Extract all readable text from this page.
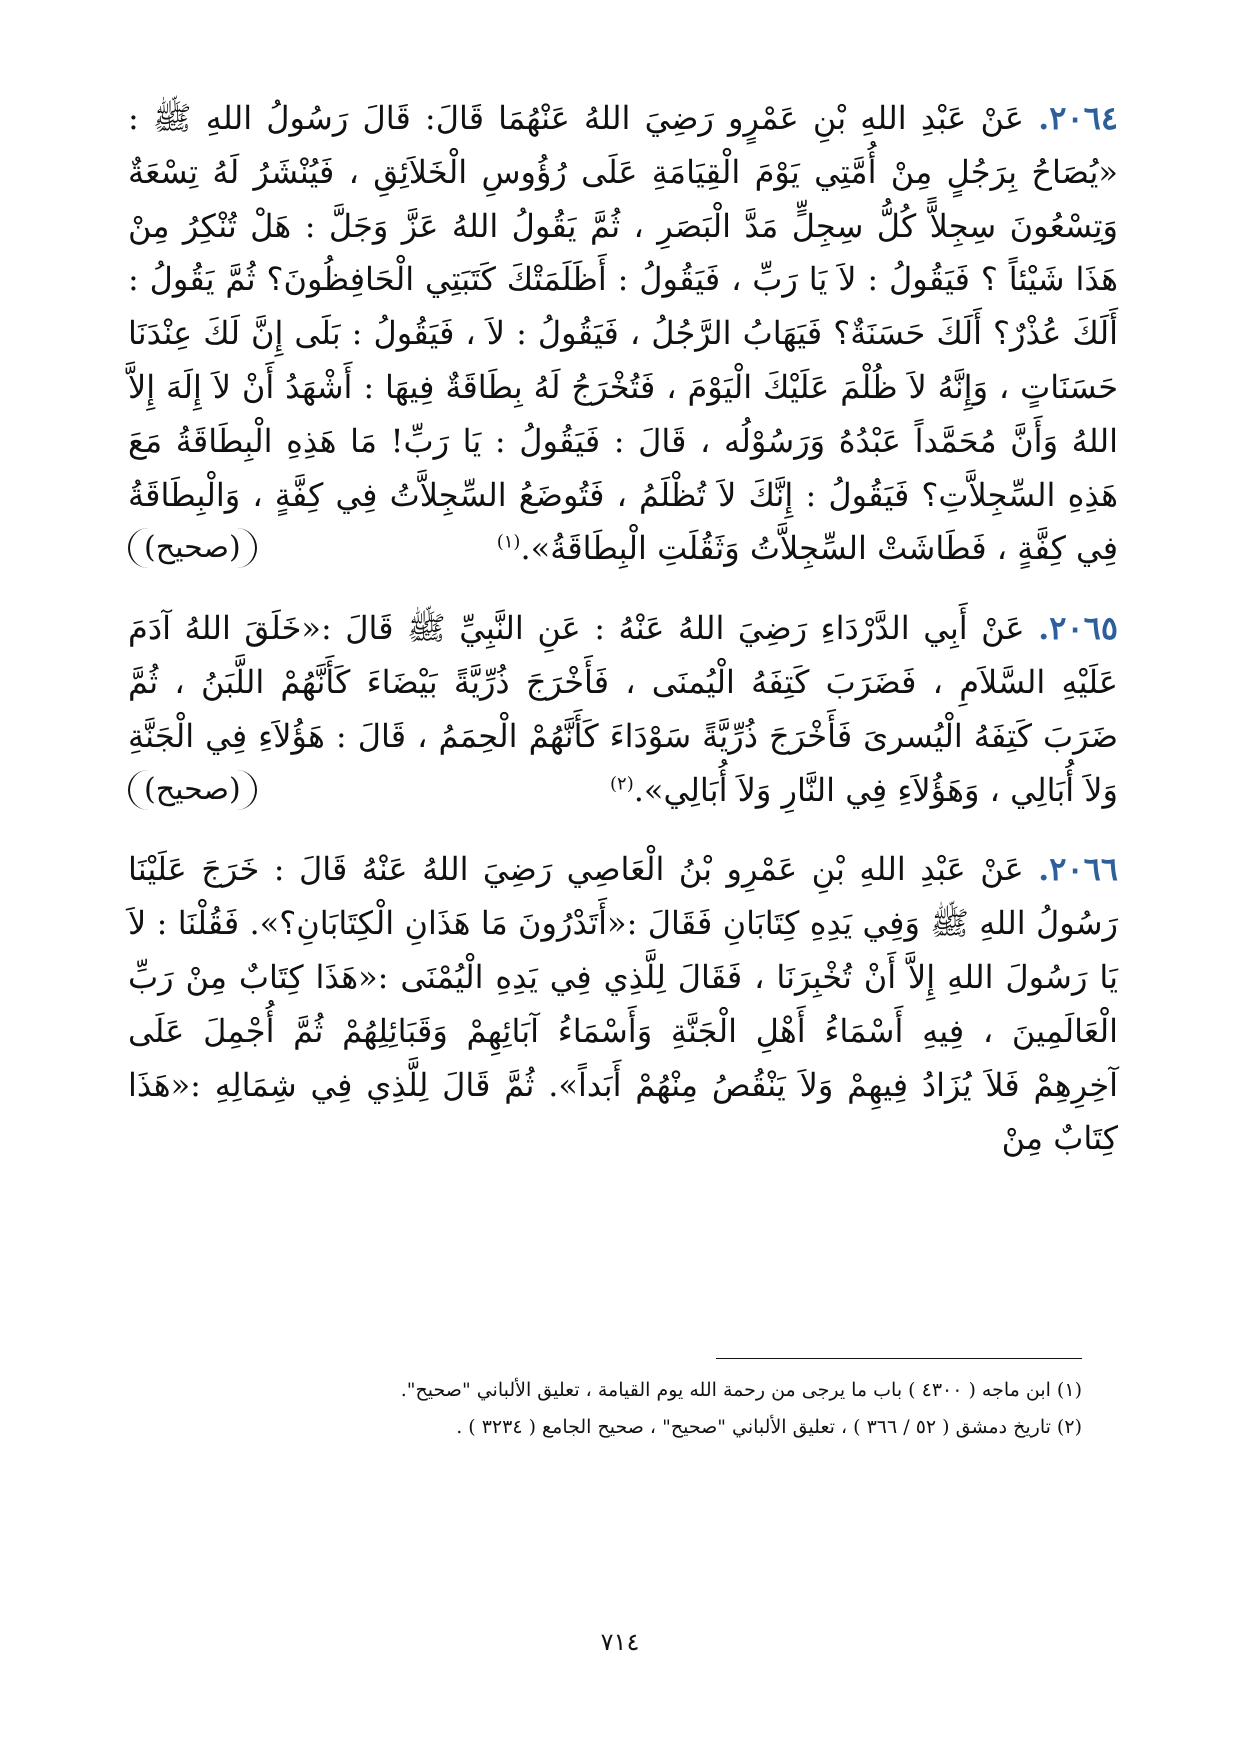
٢٠٦٤. عَنْ عَبْدِ اللهِ بْنِ عَمْرٍو رَضِيَ اللهُ عَنْهُمَا قَالَ: قَالَ رَسُولُ اللهِ ﷺ : «يُصَاحُ بِرَجُلٍ مِنْ أُمَّتِي يَوْمَ الْقِيَامَةِ عَلَى رُؤُوسِ الْخَلاَئِقِ ، فَيُنْشَرُ لَهُ تِسْعَةٌ وَتِسْعُونَ سِجِلاًّ كُلُّ سِجِلٍّ مَدَّ الْبَصَرِ ، ثُمَّ يَقُولُ اللهُ عَزَّ وَجَلَّ : هَلْ تُنْكِرُ مِنْ هَذَا شَيْئاً ؟ فَيَقُولُ : لاَ يَا رَبِّ ، فَيَقُولُ : أَظَلَمَتْكَ كَتَبَتِي الْحَافِظُونَ؟ ثُمَّ يَقُولُ : أَلَكَ عُذْرٌ؟ أَلَكَ حَسَنَةٌ؟ فَيَهَابُ الرَّجُلُ ، فَيَقُولُ : لاَ ، فَيَقُولُ : بَلَى إِنَّ لَكَ عِنْدَنَا حَسَنَاتٍ ، وَإِنَّهُ لاَ ظُلْمَ عَلَيْكَ الْيَوْمَ ، فَتُخْرَجُ لَهُ بِطَاقَةٌ فِيهَا : أَشْهَدُ أَنْ لاَ إِلَهَ إِلاَّ اللهُ وَأَنَّ مُحَمَّداً عَبْدُهُ وَرَسُوْلُه ، قَالَ : فَيَقُولُ : يَا رَبِّ! مَا هَذِهِ الْبِطَاقَةُ مَعَ هَذِهِ السِّجِلاَّتِ؟ فَيَقُولُ : إِنَّكَ لاَ تُظْلَمُ ، فَتُوضَعُ السِّجِلاَّتُ فِي كِفَّةٍ ، وَالْبِطَاقَةُ فِي كِفَّةٍ ، فَطَاشَتْ السِّجِلاَّتُ وَثَقُلَتِ الْبِطَاقَةُ».$^{(١)}$
(صحيح)

٢٠٦٥. عَنْ أَبِي الدَّرْدَاءِ رَضِيَ اللهُ عَنْهُ : عَنِ النَّبِيِّ ﷺ قَالَ :«خَلَقَ اللهُ آدَمَ عَلَيْهِ السَّلاَمِ ، فَضَرَبَ كَتِفَهُ الْيُمنَى ، فَأَخْرَجَ ذُرِّيَّةً بَيْضَاءَ كَأَنَّهُمْ اللَّبَنُ ، ثُمَّ ضَرَبَ كَتِفَهُ الْيُسرىَ فَأَخْرَجَ ذُرِّيَّةً سَوْدَاءَ كَأَنَّهُمْ الْحِمَمُ ، قَالَ : هَؤُلاَءِ فِي الْجَنَّةِ وَلاَ أُبَالِي ، وَهَؤُلاَءِ فِي النَّارِ وَلاَ أُبَالِي».$^{(٢)}$
(صحيح)

٢٠٦٦. عَنْ عَبْدِ اللهِ بْنِ عَمْرِو بْنُ الْعَاصِي رَضِيَ اللهُ عَنْهُ قَالَ : خَرَجَ عَلَيْنَا رَسُولُ اللهِ ﷺ وَفِي يَدِهِ كِتَابَانِ فَقَالَ :«أَتَدْرُونَ مَا هَذَانِ الْكِتَابَانِ؟». فَقُلْنَا : لاَ يَا رَسُولَ اللهِ إِلاَّ أَنْ تُخْبِرَنَا ، فَقَالَ لِلَّذِي فِي يَدِهِ الْيُمْنَى :«هَذَا كِتَابٌ مِنْ رَبِّ الْعَالَمِينَ ، فِيهِ أَسْمَاءُ أَهْلِ الْجَنَّةِ وَأَسْمَاءُ آبَائِهِمْ وَقَبَائِلِهُمْ ثُمَّ أُجْمِلَ عَلَى آخِرِهِمْ فَلاَ يُزَادُ فِيهِمْ وَلاَ يَنْقُصُ مِنْهُمْ أَبَداً». ثُمَّ قَالَ لِلَّذِي فِي شِمَالِهِ :«هَذَا كِتَابٌ مِنْ

(١) ابن ماجه ( ٤٣٠٠ ) باب ما يرجى من رحمة الله يوم القيامة ، تعليق الألباني "صحيح".

(٢) تاريخ دمشق ( ٥٢ / ٣٦٦ ) ، تعليق الألباني "صحيح" ، صحيح الجامع ( ٣٢٣٤ ) .

٧١٤
